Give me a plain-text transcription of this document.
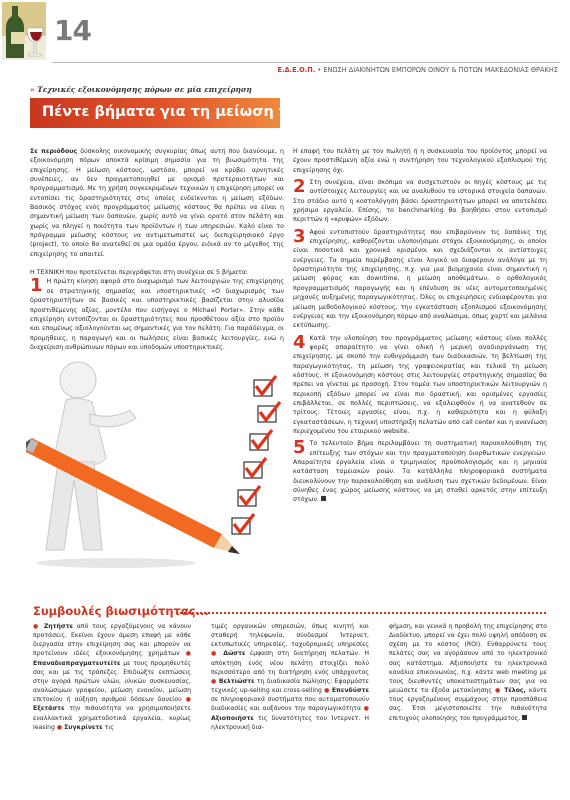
14
Ε.Δ.Ε.Ο.Π. • ΕΝΩΣΗ ΔΙΑΚΙΝΗΤΩΝ ΕΜΠΟΡΩΝ ΟΙΝΟΥ & ΠΟΤΩΝ ΜΑΚΕΔΟΝΙΑΣ ΘΡΑΚΗΣ
» Τεχνικές εξοικονόμησης πόρων σε μία επιχείρηση
Πέντε βήματα για τη μείωση του κόστους

Σε περιόδους δύσκολης οικονομικής συγκυρίας όπως αυτή που διανύουμε, η εξοικονόμηση πόρων αποκτά κρίσιμη σημασία για τη βιωσιμότητα της επιχείρησης. Η μείωση κόστους, ωστόσο, μπορεί να κρύβει αρνητικές συνέπειες, αν δεν πραγματοποιηθεί με ορισμό προτεραιοτήτων και προγραμματισμό. Με τη χρήση συγκεκριμένων τεχνικών η επιχείρηση μπορεί να εντοπίσει τις δραστηριότητες στις οποίες ενδείκνυται η μείωση εξόδων. Βασικός στόχος ενός προγράμματος μείωσης κόστους θα πρέπει να είναι η σημαντική μείωση των δαπανών, χωρίς αυτό να γίνει ορατό στον πελάτη και χωρίς να πληγεί η ποιότητα των προϊόντων ή των υπηρεσιών. Καλό είναι το πρόγραμμα μείωσης κόστους να αντιμετωπιστεί ως διεπιχειρησιακό έργο (project), το οποίο θα ανατεθεί σε μια ομάδα έργου, ειδικά αν το μέγεθος της επιχείρησης το απαιτεί.

Η ΤΕΧΝΙΚΗ που προτείνεται περιγράφεται στη συνέχεια σε 5 βήματα:

1 Η πρώτη κίνηση αφορά στο διαχωρισμό των λειτουργιών της επιχείρησης σε στρατηγικής σημασίας και υποστηρικτικές «Ο διαχωρισμός των δραστηριοτήτων σε βασικές και υποστηρικτικές βασίζεται στην αλυσίδα προστιθέμενης αξίας, μοντέλο που εισήγαγε ο Michael Porter». Στην κάθε επιχείρηση εντοπίζονται οι δραστηριότητες που προσθέτουν αξία στο προϊόν και επομένως αξιολογούνται ως σημαντικές για τον πελάτη. Για παράδειγμα, οι προμήθειες, η παραγωγή και οι πωλήσεις είναι βασικές λειτουργίες, ενώ η διαχείριση ανθρώπινων πόρων και υποδομών υποστηρικτικές.

Η επαφή του πελάτη με τον πωλητή ή η συσκευασία του προϊόντος μπορεί να έχουν προστιθέμενη αξία ενώ η συντήρηση του τεχνολογικού εξοπλισμού της επιχείρησης όχι.

2 Στη συνέχεια, είναι σκόπιμο να συσχετιστούν οι πηγές κόστους με τις αντίστοιχες λειτουργίες και να αναλυθούν τα ιστορικά στοιχεία δαπανών. Στο στάδιο αυτό η κοστολόγηση βάσει δραστηριοτήτων μπορεί να αποτελέσει χρήσιμο εργαλείο. Επίσης, το benchmarking θα βοηθήσει στον εντοπισμό περιττών ή «κρυφών» εξόδων.

3 Αφού εντοπιστούν δραστηριότητες που επιβαρύνουν τις δαπάνες της επιχείρησης, καθορίζονται υλοποιήσιμοι στόχοι εξοικονόμησης, οι οποίοι είναι ποσοτικά και χρονικά ορισμένοι και σχεδιάζονται οι αντίστοιχες ενέργειες. Τα σημεία παρέμβασης είναι λογικό να διαφέρουν ανάλογα με τη δραστηριότητα της επιχείρησης, π.χ. για μια βιομηχανία είναι σημαντική η μείωση φύρας και downtime, η μείωση αποθεμάτων, ο ορθολογικός προγραμματισμός παραγωγής και η επένδυση σε νέες αυτοματοποιημένες μηχανές αυξημένης παραγωγικότητας. Όλες οι επιχειρήσεις ενδιαφέρονται για μείωση μεθοδολογικού κόστους, την εγκατάσταση εξοπλισμού εξοικονόμησης ενέργειας και την εξοικονόμηση πόρων από αναλώσιμα, όπως χαρτί και μελάνια εκτύπωσης.

4 Κατά την υλοποίηση του προγράμματος μείωσης κόστους είναι πολλές φορές απαραίτητο να γίνει ολική ή μερική αναδιοργάνωση της επιχείρησης, με σκοπό την ευθυγράμμιση των διαδικασιών, τη βελτίωση της παραγωγικότητας, τη μείωση της γραφειοκρατίας και τελικά τη μείωση κόστους. Η εξοικονόμηση κόστους στις λειτουργίες στρατηγικής σημασίας θα πρέπει να γίνεται με προσοχή. Στον τομέα των υποστηρικτικών λειτουργιών η περικοπή εξόδων μπορεί να είναι πιο δραστική, και ορισμένες εργασίες επιβάλλεται, σε πολλές περιπτώσεις, να εξαλειφθούν ή να ανατεθούν σε τρίτους. Τέτοιες εργασίες είναι, π.χ. η καθαριότητα και η φύλαξη εγκαταστάσεων, η τεχνική υποστήριξη πελατών από call center και η ανανέωση περιεχομένου του εταιρικού website.

5 Το τελευταίο βήμα περιλαμβάνει τη συστηματική παρακολούθηση της επίτευξης των στόχων και την πραγματοποίηση διορθωτικών ενεργειών. Απαραίτητα εργαλεία είναι ο τριμηνιαίος προϋπολογισμός και η μηνιαία κατάσταση ταμειακών ροών. Τα κατάλληλα πληροφοριακά συστήματα διευκολύνουν την παρακολούθηση και ανάλυση των σχετικών δεδομένων. Είναι σύνηθες ένας χώρος μείωσης κόστους να μη σταθεί αρκετός στην επίτευξη στόχων.

Συμβουλές βιωσιμότητας...
● Ζητήστε από τους εργαζόμενους να κάνουν προτάσεις. Εκείνοι έχουν άμεση επαφή με κάθε διεργασία στην επιχείρηση σας και μπορούν να προτείνουν ιδέες εξοικονόμησης χρημάτων ● Επαναδιαπραγματευτείτε με τους προμηθευτές σας και με τις τράπεζες. Επιδιώξτε εκπτώσεις στην αγορά πρώτων υλών, υλικών συσκευασίας, αναλώσιμων γραφείου, μείωση ενοικίου, μείωση επιτοκίου ή αύξηση αριθμού δόσεων δανείου ● Εξετάστε την πιθανότητα να χρησιμοποιήσετε εναλλακτικά χρηματοδοτικά εργαλεία, κυρίως leasing ● Συγκρίνετε τις
τιμές οργανικών υπηρεσιών, όπως κινητή και σταθερή τηλεφωνία, σύνδεσμοί Ίντερνετ, εκτυπωτικές υπηρεσίες, ταχυδρομικές υπηρεσίες ● Δώστε έμφαση στη διατήρηση πελατών. Η απόκτηση ενός νέου πελάτη στοιχίζει πολύ περισσότερο από τη διατήρηση ενός υπάρχοντος ● Βελτιώστε τη διαδικασία πώλησης: Εφαρμόστε τεχνικές up-selling και cross-selling ● Επενδύστε σε πληροφοριακά συστήματα που αυτοματοποιούν διαδικασίες και αυξάνουν την παραγωγικότητα ● Αξιοποιήστε τις δυνατότητες του Ίντερνετ. Η ηλεκτρονική δια-
φήμιση, και γενικά η προβολή της επιχείρησης στο Διαδίκτυο, μπορεί να έχει πολύ υψηλή απόδοση σε σχέση με το κόστος (ROI). Ενθαρρύνετε τους πελάτες σας να αγοράσουν από το ηλεκτρονικό σας κατάστημα. Αξιοποιήστε τα ηλεκτρονικά κανάλια επικοινωνίας, π.χ. κάντε web meeting με τους διευθυντές υποκαταστημάτων σας για να μειώσετε τα έξοδα μετακίνησης ● Τέλος, κάντε τους εργαζομένους συμμάχους στην προσπάθεια σας. Έτσι μεγιστοποιείτε την πιθανότητα επιτυχούς υλοποίησης του προγράμματος.
